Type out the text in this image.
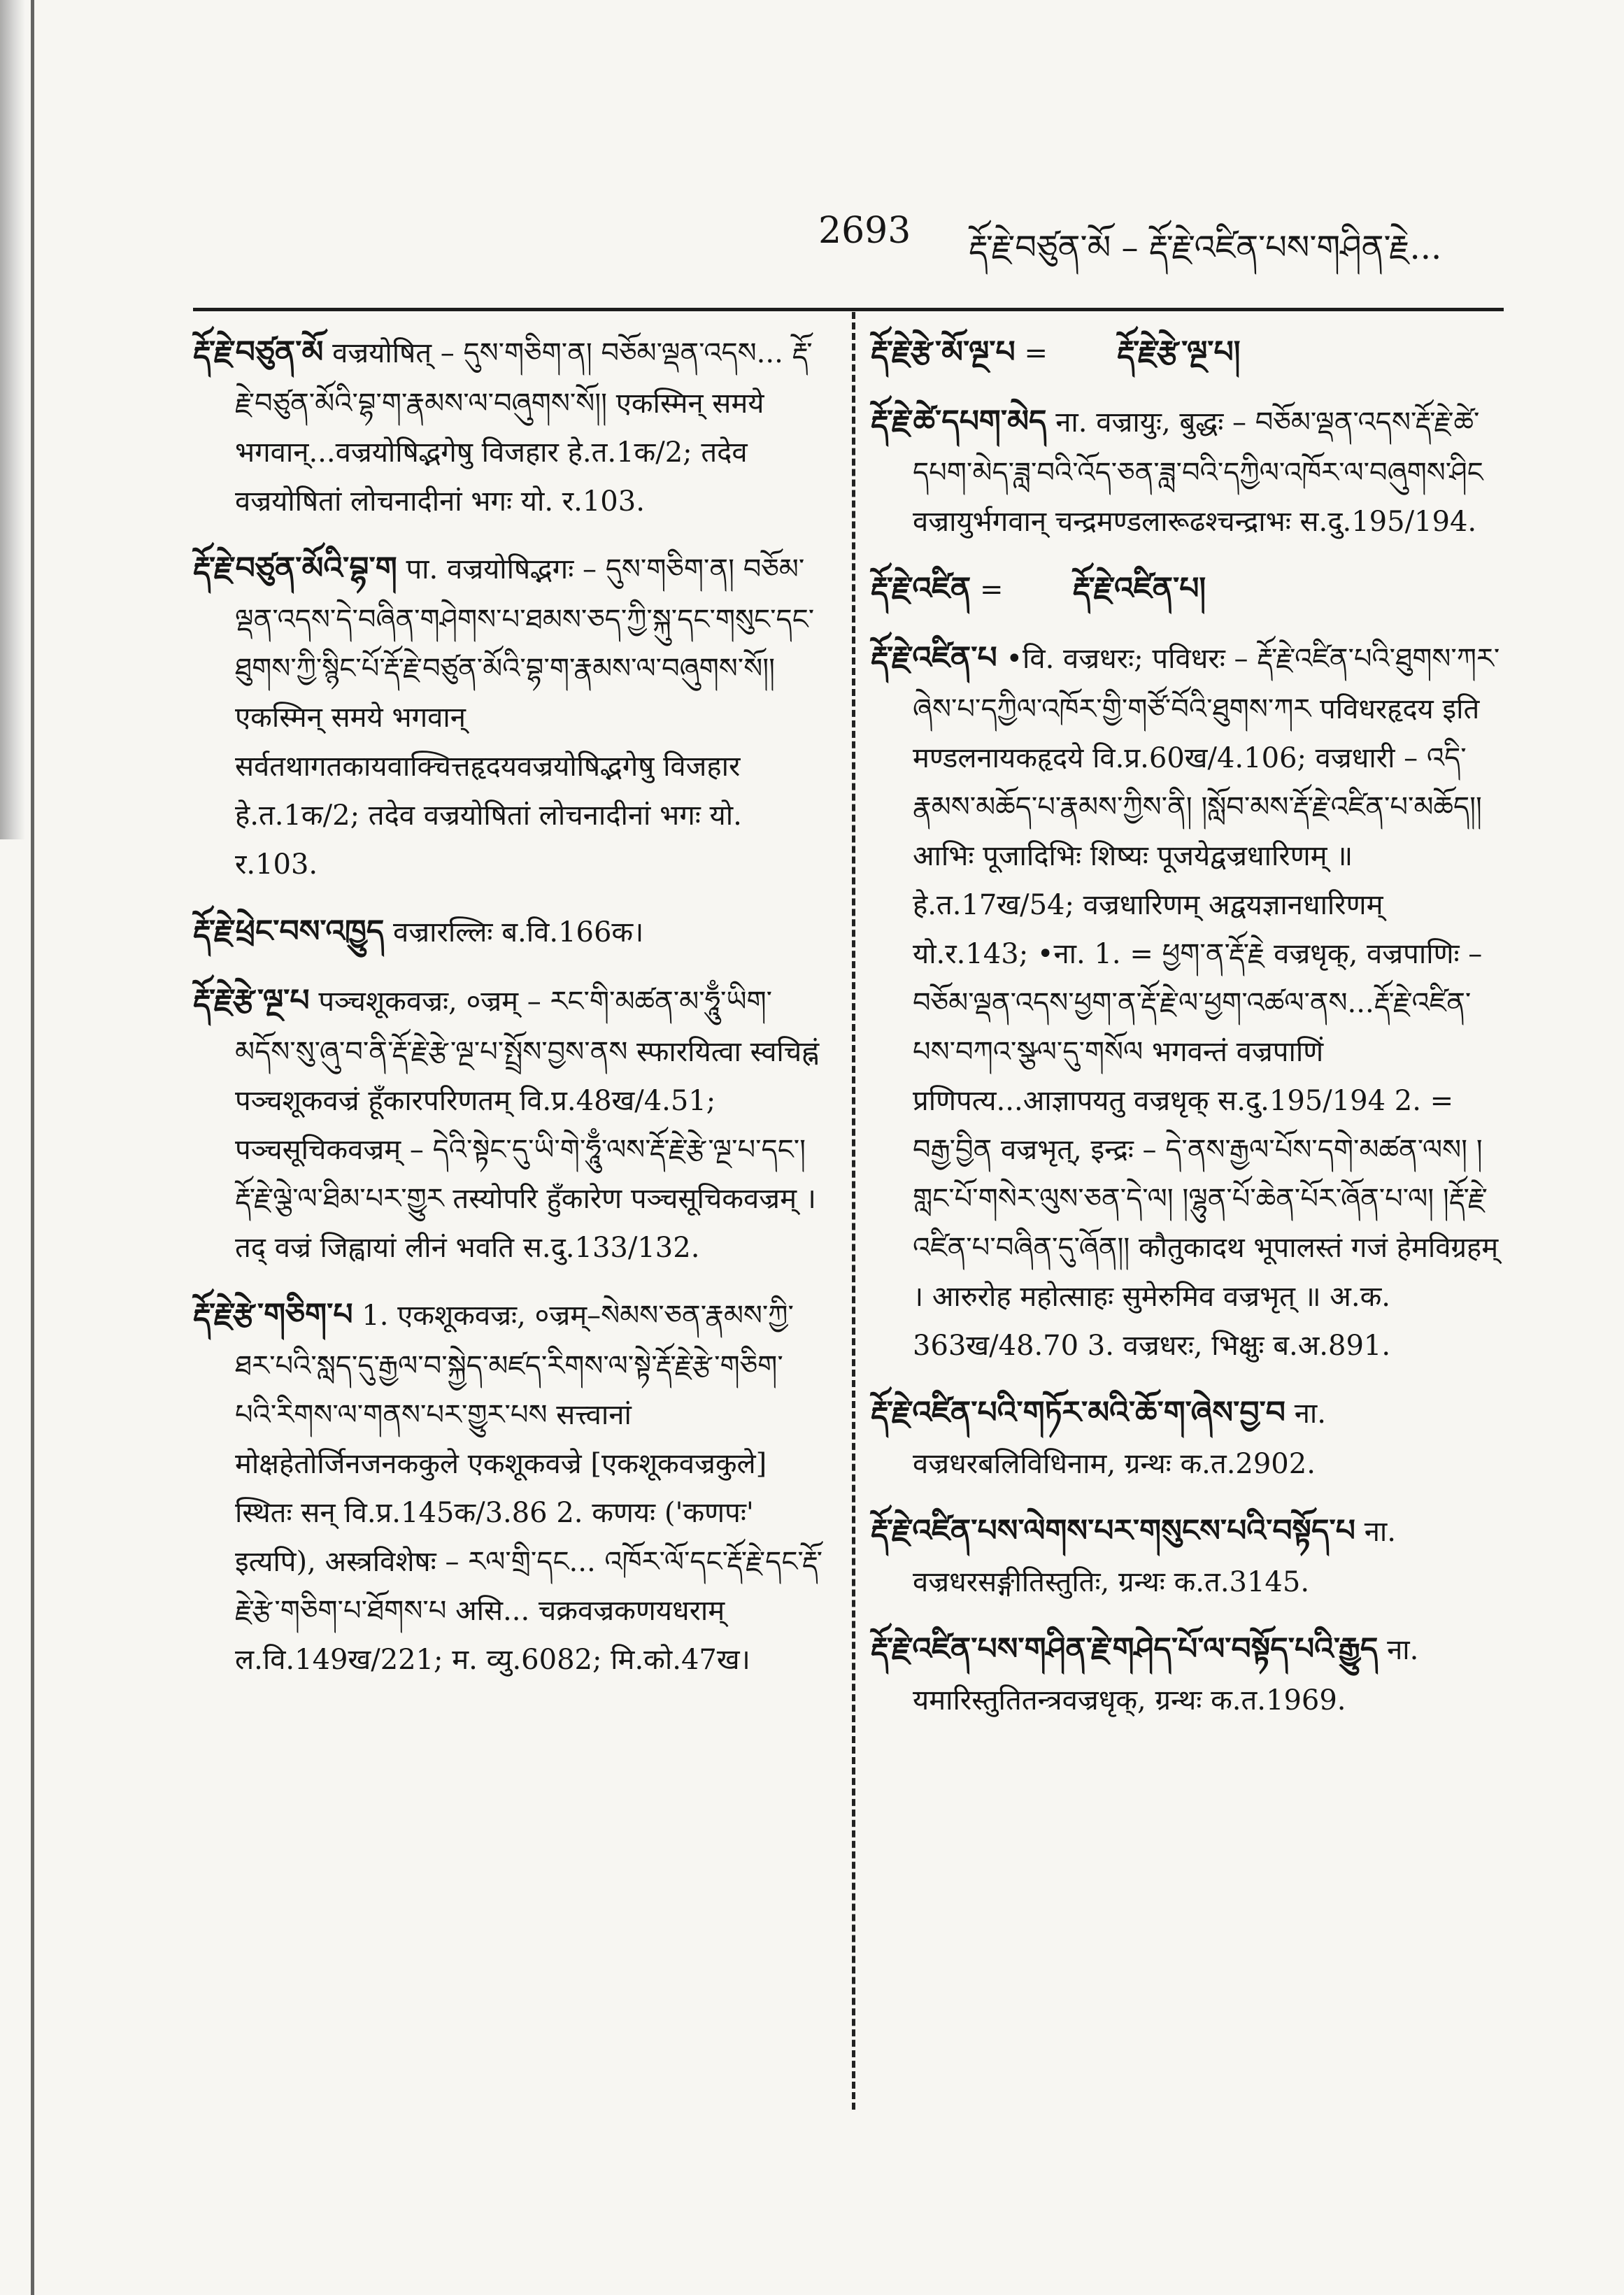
2693 རྡོ་རྗེ་བཙུན་མོ – རྡོ་རྗེ་འཛིན་པས་གཤིན་རྗེ...

རྡོ་རྗེ་བཙུན་མོ वज्रयोषित् – དུས་གཅིག་ན། བཅོམ་ལྡན་འདས... རྡོ་རྗེ་བཙུན་མོའི་བྷ་ག་རྣམས་ལ་བཞུགས་སོ།། एकस्मिन् समये भगवान्...वज्रयोषिद्भगेषु विजहार हे.त.1क/2; तदेव वज्रयोषितां लोचनादीनां भगः यो. र.103.

རྡོ་རྗེ་བཙུན་མོའི་བྷ་ག पा. वज्रयोषिद्भगः – དུས་གཅིག་ན། བཅོམ་ལྡན་འདས་དེ་བཞིན་གཤེགས་པ་ཐམས་ཅད་ཀྱི་སྐུ་དང་གསུང་དང་ཐུགས་ཀྱི་སྙིང་པོ་རྡོ་རྗེ་བཙུན་མོའི་བྷ་ག་རྣམས་ལ་བཞུགས་སོ།། एकस्मिन् समये भगवान् सर्वतथागतकायवाक्चित्तहृदयवज्रयोषिद्भगेषु विजहार हे.त.1क/2; तदेव वज्रयोषितां लोचनादीनां भगः यो. र.103.

རྡོ་རྗེ་ཕྲེང་བས་འཁྱུད वज्रारल्लिः ब.वि.166क।

རྡོ་རྗེ་རྩེ་ལྔ་པ पञ्चशूकवज्रः, ०ज्रम् – རང་གི་མཚན་མ་ཧཱུྃ་ཡིག་མདོས་སུ་ཞུ་བ་ནི་རྡོ་རྗེ་རྩེ་ལྔ་པ་སྤྲོས་བྱས་ནས स्फारयित्वा स्वचिह्नं पञ्चशूकवज्रं हूँकारपरिणतम् वि.प्र.48ख/4.51; पञ्चसूचिकवज्रम् – དེའི་སྟེང་དུ་ཡི་གེ་ཧཱུྃ་ལས་རྡོ་རྗེ་རྩེ་ལྔ་པ་དང་། རྡོ་རྗེ་ལྕེ་ལ་ཐིམ་པར་གྱུར तस्योपरि हुँकारेण पञ्चसूचिकवज्रम् । तद् वज्रं जिह्वायां लीनं भवति स.दु.133/132.

རྡོ་རྗེ་རྩེ་གཅིག་པ 1. एकशूकवज्रः, ०ज्रम्–སེམས་ཅན་རྣམས་ཀྱི་ཐར་པའི་སླད་དུ་རྒྱལ་བ་སྐྱེད་མཛད་རིགས་ལ་སྟེ་རྡོ་རྗེ་རྩེ་གཅིག་པའི་རིགས་ལ་གནས་པར་གྱུར་པས सत्त्वानां मोक्षहेतोर्जिनजनककुले एकशूकवज्रे [एकशूकवज्रकुले] स्थितः सन् वि.प्र.145क/3.86 2. कणयः ('कणपः' इत्यपि), अस्त्रविशेषः – རལ་གྲི་དང... འཁོར་ལོ་དང་རྡོ་རྗེ་དང་རྡོ་རྗེ་རྩེ་གཅིག་པ་ཐོགས་པ असि... चक्रवज्रकणयधराम् ल.वि.149ख/221; म. व्यु.6082; मि.को.47ख।

རྡོ་རྗེ་རྩེ་མོ་ལྔ་པ = རྡོ་རྗེ་རྩེ་ལྔ་པ།

རྡོ་རྗེ་ཚེ་དཔག་མེད ना. वज्रायुः, बुद्धः – བཅོམ་ལྡན་འདས་རྡོ་རྗེ་ཚེ་དཔག་མེད་ཟླ་བའི་འོད་ཅན་ཟླ་བའི་དཀྱིལ་འཁོར་ལ་བཞུགས་ཤིང वज्रायुर्भगवान् चन्द्रमण्डलारूढश्चन्द्राभः स.दु.195/194.

རྡོ་རྗེ་འཛིན = རྡོ་རྗེ་འཛིན་པ།

རྡོ་རྗེ་འཛིན་པ •वि. वज्रधरः; पविधरः – རྡོ་རྗེ་འཛིན་པའི་ཐུགས་ཀར་ཞེས་པ་དཀྱིལ་འཁོར་གྱི་གཙོ་བོའི་ཐུགས་ཀར पविधरहृदय इति मण्डलनायकहृदये वि.प्र.60ख/4.106; वज्रधारी – འདི་རྣམས་མཆོད་པ་རྣམས་ཀྱིས་ནི། །སློབ་མས་རྡོ་རྗེ་འཛིན་པ་མཆོད།། आभिः पूजादिभिः शिष्यः पूजयेद्वज्रधारिणम् ॥ हे.त.17ख/54; वज्रधारिणम् अद्वयज्ञानधारिणम् यो.र.143; •ना. 1. = ཕྱག་ན་རྡོ་རྗེ वज्रधृक्, वज्रपाणिः – བཅོམ་ལྡན་འདས་ཕྱག་ན་རྡོ་རྗེ་ལ་ཕྱག་འཚལ་ནས...རྡོ་རྗེ་འཛིན་པས་བཀའ་སྩལ་དུ་གསོལ भगवन्तं वज्रपाणिं प्रणिपत्य...आज्ञापयतु वज्रधृक् स.दु.195/194 2. = བརྒྱ་བྱིན वज्रभृत्, इन्द्रः – དེ་ནས་རྒྱལ་པོས་དགེ་མཚན་ལས། །གླང་པོ་གསེར་ལུས་ཅན་དེ་ལ། །ལྷུན་པོ་ཆེན་པོར་ཞོན་པ་ལ། །རྡོ་རྗེ་འཛིན་པ་བཞིན་དུ་ཞོན།། कौतुकादथ भूपालस्तं गजं हेमविग्रहम् । आरुरोह महोत्साहः सुमेरुमिव वज्रभृत् ॥ अ.क. 363ख/48.70 3. वज्रधरः, भिक्षुः ब.अ.891.

རྡོ་རྗེ་འཛིན་པའི་གཏོར་མའི་ཆོ་ག་ཞེས་བྱ་བ ना. वज्रधरबलिविधिनाम, ग्रन्थः क.त.2902.

རྡོ་རྗེ་འཛིན་པས་ལེགས་པར་གསུངས་པའི་བསྟོད་པ ना. वज्रधरसङ्गीतिस्तुतिः, ग्रन्थः क.त.3145.

རྡོ་རྗེ་འཛིན་པས་གཤིན་རྗེ་གཤེད་པོ་ལ་བསྟོད་པའི་རྒྱུད ना. यमारिस्तुतितन्त्रवज्रधृक्, ग्रन्थः क.त.1969.
